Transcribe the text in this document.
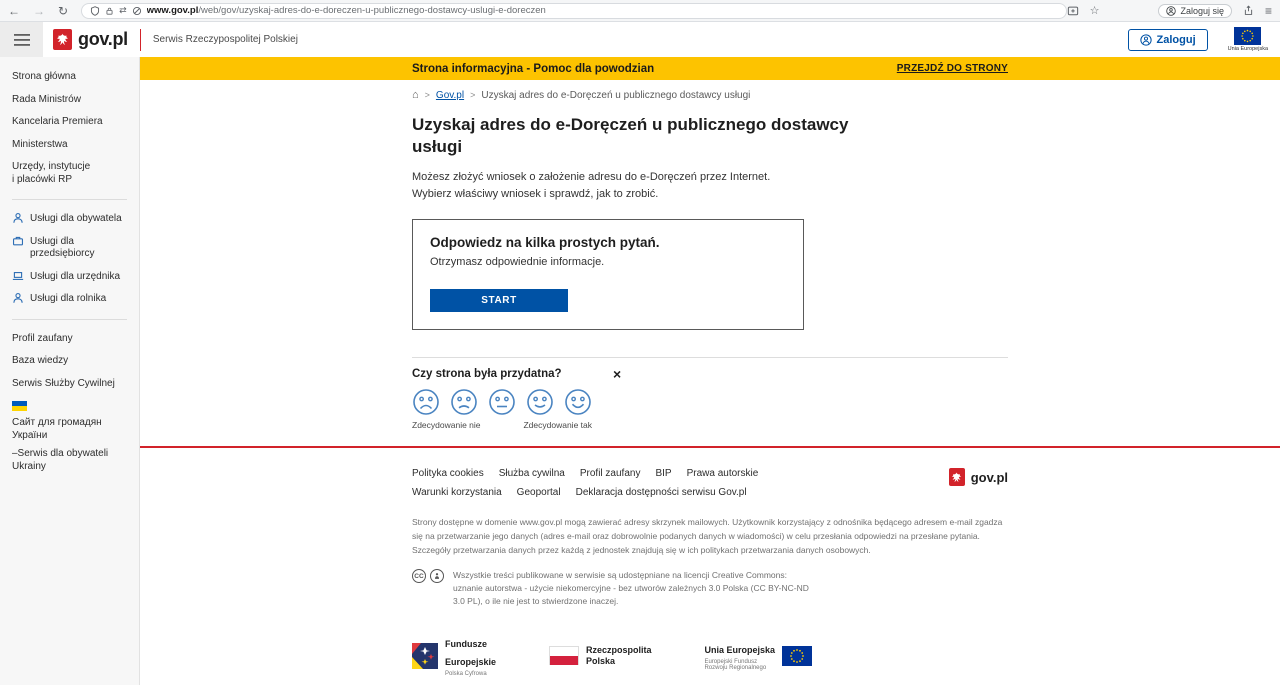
← → ↻	⇄ www.gov.pl/web/gov/uzyskaj-adres-do-e-doreczen-u-publicznego-dostawcy-uslugi-e-doreczen	☆	Zaloguj się	≡
gov.pl	Serwis Rzeczypospolitej Polskiej	Zaloguj
Unia Europejska
Strona informacyjna - Pomoc dla powodzian	PRZEJDŹ DO STRONY
Strona główna
Rada Ministrów
Kancelaria Premiera
Ministerstwa
Urzędy, instytucje
i placówki RP
Usługi dla obywatela
Usługi dla przedsiębiorcy
Usługi dla urzędnika
Usługi dla rolnika
Profil zaufany
Baza wiedzy
Serwis Służby Cywilnej
Сайт для громадян України
–Serwis dla obywateli Ukrainy
⌂ > Gov.pl > Uzyskaj adres do e-Doręczeń u publicznego dostawcy usługi
Uzyskaj adres do e-Doręczeń u publicznego dostawcy usługi

Możesz złożyć wniosek o założenie adresu do e-Doręczeń przez Internet. Wybierz właściwy wniosek i sprawdź, jak to zrobić.

Odpowiedz na kilka prostych pytań.

Otrzymasz odpowiednie informacje.

START
Czy strona była przydatna?	×
Zdecydowanie nie	Zdecydowanie tak
Polityka cookies Służba cywilna Profil zaufany BIP Prawa autorskie
Warunki korzystania Geoportal Deklaracja dostępności serwisu Gov.pl
gov.pl

Strony dostępne w domenie www.gov.pl mogą zawierać adresy skrzynek mailowych. Użytkownik korzystający z odnośnika będącego adresem e-mail zgadza się na przetwarzanie jego danych (adres e-mail oraz dobrowolnie podanych danych w wiadomości) w celu przesłania odpowiedzi na przesłane pytania. Szczegóły przetwarzania danych przez każdą z jednostek znajdują się w ich politykach przetwarzania danych osobowych.

CC	Wszystkie treści publikowane w serwisie są udostępniane na licencji Creative Commons: uznanie autorstwa - użycie niekomercyjne - bez utworów zależnych 3.0 Polska (CC BY-NC-ND 3.0 PL), o ile nie jest to stwierdzone inaczej.
Fundusze
Europejskie
Polska Cyfrowa
Rzeczpospolita
Polska
Unia Europejska
Europejski Fundusz
Rozwoju Regionalnego
